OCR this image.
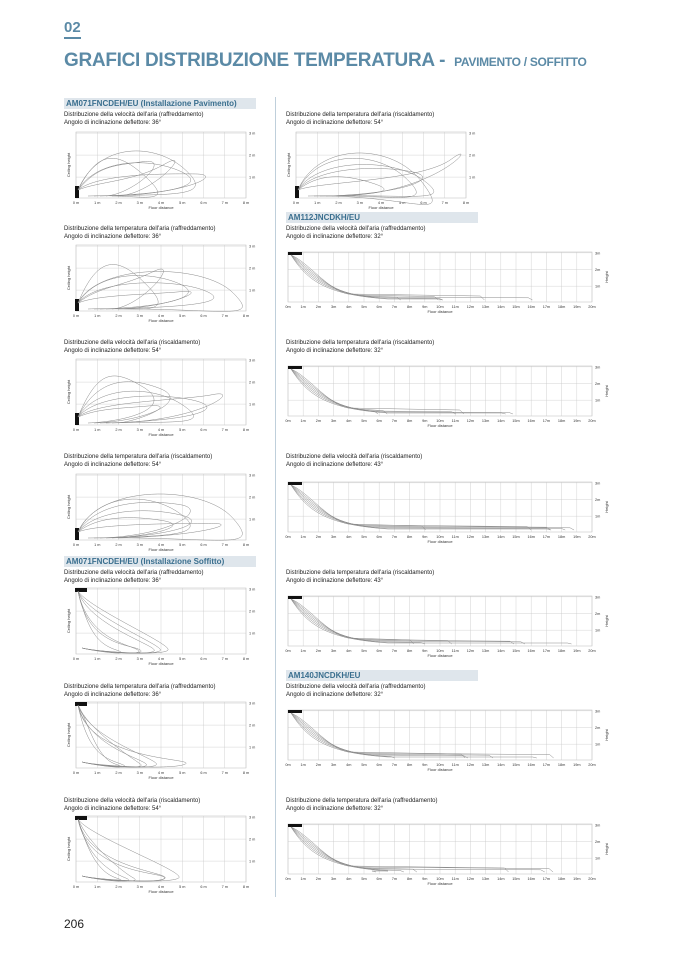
02
GRAFICI DISTRIBUZIONE TEMPERATURA - PAVIMENTO / SOFFITTO
AM071FNCDEH/EU (Installazione Pavimento)
AM071FNCDEH/EU (Installazione Soffitto)
AM112JNCDKH/EU
AM140JNCDKH/EU
Distribuzione della velocità dell'aria (raffreddamento)
Angolo di inclinazione deflettore: 36°
Distribuzione della temperatura dell'aria (riscaldamento)
Angolo di inclinazione deflettore: 54°
Distribuzione della temperatura dell'aria (raffreddamento)
Angolo di inclinazione deflettore: 36°
Distribuzione della velocità dell'aria (raffreddamento)
Angolo di inclinazione deflettore: 32°
Distribuzione della velocità dell'aria (riscaldamento)
Angolo di inclinazione deflettore: 54°
Distribuzione della temperatura dell'aria (riscaldamento)
Angolo di inclinazione deflettore: 32°
Distribuzione della temperatura dell'aria (riscaldamento)
Angolo di inclinazione deflettore: 54°
Distribuzione della velocità dell'aria (riscaldamento)
Angolo di inclinazione deflettore: 43°
Distribuzione della velocità dell'aria (raffreddamento)
Angolo di inclinazione deflettore: 36°
Distribuzione della temperatura dell'aria (riscaldamento)
Angolo di inclinazione deflettore: 43°
Distribuzione della temperatura dell'aria (raffreddamento)
Angolo di inclinazione deflettore: 36°
Distribuzione della velocità dell'aria (raffreddamento)
Angolo di inclinazione deflettore: 32°
Distribuzione della velocità dell'aria (riscaldamento)
Angolo di inclinazione deflettore: 54°
Distribuzione della temperatura dell'aria (raffreddamento)
Angolo di inclinazione deflettore: 32°
0 m	1 m	2 m	3 m	4 m	5 m	6 m	7 m	8 m
3 m
2 m
1 m
Floor distance
Ceiling height
0 m	1 m	2 m	3 m	4 m	5 m	6 m	7 m	8 m
3 m
2 m
1 m
Floor distance
Ceiling height
0 m	1 m	2 m	3 m	4 m	5 m	6 m	7 m	8 m
3 m
2 m
1 m
Floor distance
Ceiling height
0m	1m	2m	3m	4m	5m	6m	7m	8m	9m 10m 11m 12m 13m 14m 15m 16m 17m 18m 19m 20m
3m
2m
1m
Floor distance
Height
0 m	1 m	2 m	3 m	4 m	5 m	6 m	7 m	8 m
3 m
2 m
1 m
Floor distance
Ceiling height
0m	1m	2m	3m	4m	5m	6m	7m	8m	9m 10m 11m 12m 13m 14m 15m 16m 17m 18m 19m 20m
3m
2m
1m
Floor distance
Height
0 m	1 m	2 m	3 m	4 m	5 m	6 m	7 m	8 m
3 m
2 m
1 m
Floor distance
Ceiling height
0m	1m	2m	3m	4m	5m	6m	7m	8m	9m 10m 11m 12m 13m 14m 15m 16m 17m 18m 19m 20m
3m
2m
1m
Floor distance
Height
0 m	1 m	2 m	3 m	4 m	5 m	6 m	7 m	8 m
3 m
2 m
1 m
Floor distance
Ceiling height
0m	1m	2m	3m	4m	5m	6m	7m	8m	9m 10m 11m 12m 13m 14m 15m 16m 17m 18m 19m 20m
3m
2m
1m
Floor distance
Height
0 m	1 m	2 m	3 m	4 m	5 m	6 m	7 m	8 m
3 m
2 m
1 m
Floor distance
Ceiling height
0m	1m	2m	3m	4m	5m	6m	7m	8m	9m 10m 11m 12m 13m 14m 15m 16m 17m 18m 19m 20m
3m
2m
1m
Floor distance
Height
0 m	1 m	2 m	3 m	4 m	5 m	6 m	7 m	8 m
3 m
2 m
1 m
Floor distance
Ceiling height
0m	1m	2m	3m	4m	5m	6m	7m	8m	9m 10m 11m 12m 13m 14m 15m 16m 17m 18m 19m 20m
3m
2m
1m
Floor distance
Height
206
